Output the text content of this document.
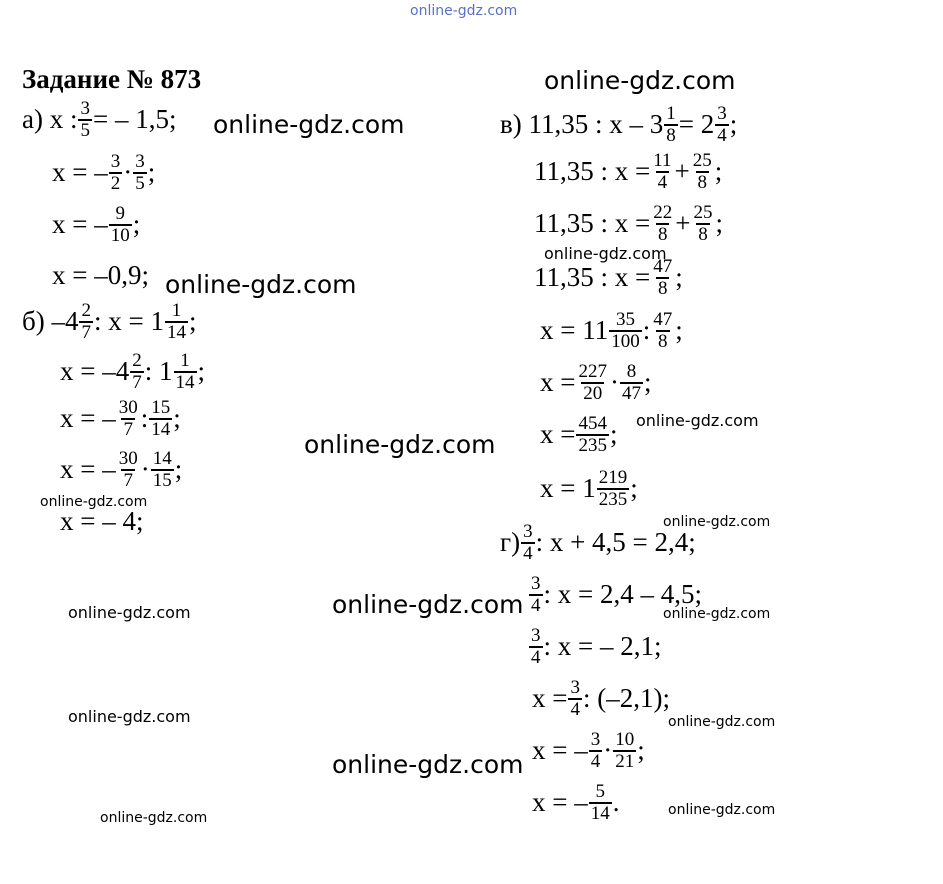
online-gdz.com
Задание № 873
а) x : $\frac{3}{5}$ = – 1,5;
x = – $\frac{3}{2} \cdot \frac{3}{5}$ ;
x = – $\frac{9}{10}$ ;
x = –0,9;
б) $-4 \frac{2}{7}$ : $x = 1 \frac{1}{14}$ ;
$x = -4 \frac{2}{7}$ : $1 \frac{1}{14}$ ;
x = – $\frac{30}{7}$ : $\frac{15}{14}$ ;
x = – $\frac{30}{7} \cdot \frac{14}{15}$ ;
x = – 4;
в) 11,35 : $x - 3 \frac{1}{8} = 2 \frac{3}{4}$ ;
11,35 : $x = \frac{11}{4} + \frac{25}{8}$ ;
11,35 : $x = \frac{22}{8} + \frac{25}{8}$ ;
11,35 : $x = \frac{47}{8}$ ;
$x = 11 \frac{35}{100}$ : $\frac{47}{8}$ ;
$x = \frac{227}{20} \cdot \frac{8}{47}$ ;
$x = \frac{454}{235}$ ;
$x = 1 \frac{219}{235}$ ;
$г) \frac{3}{4}$ : x + 4,5 = 2,4;
$\frac{3}{4}$ : x = 2,4 – 4,5;
$\frac{3}{4}$ : x = – 2,1;
$x = \frac{3}{4}$ : (–2,1);
x = – $\frac{3}{4} \cdot \frac{10}{21}$ ;
x = – $\frac{5}{14}$ .
online-gdz.com
online-gdz.com
online-gdz.com
online-gdz.com
online-gdz.com
online-gdz.com
online-gdz.com
online-gdz.com
online-gdz.com
online-gdz.com
online-gdz.com	online-gdz.com
online-gdz.com	online-gdz.com
online-gdz.com
online-gdz.com
